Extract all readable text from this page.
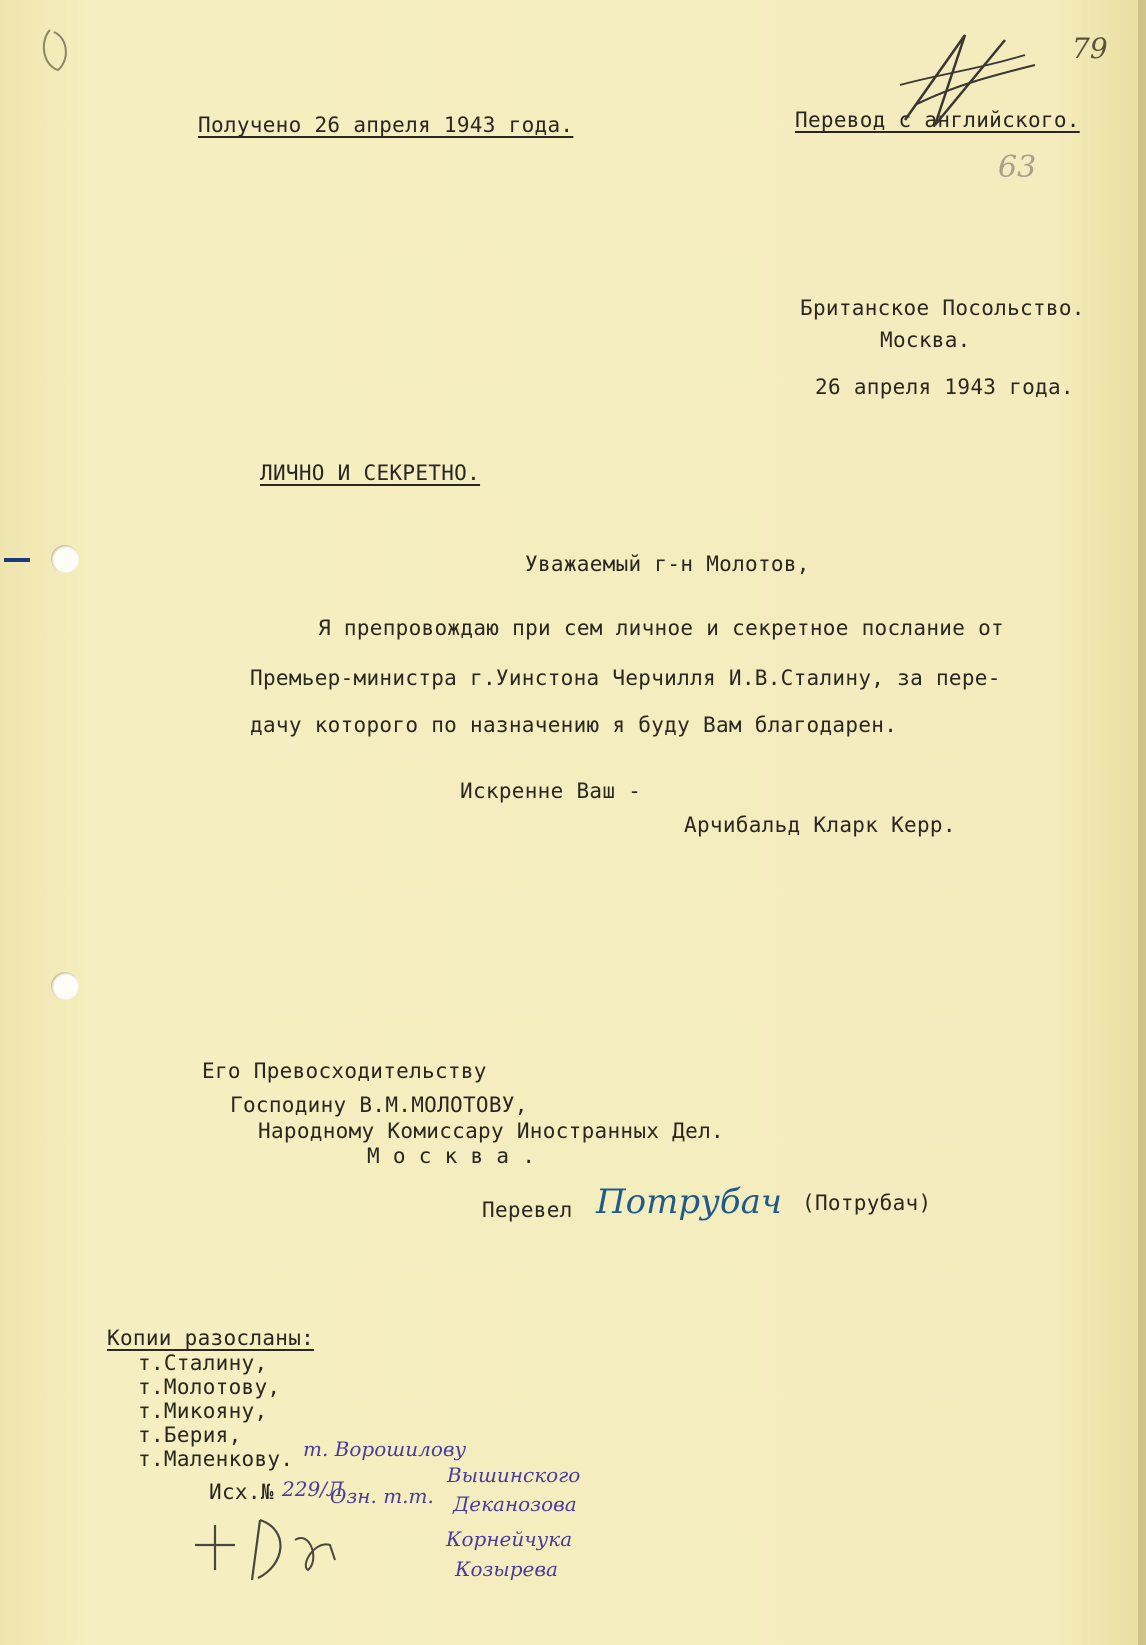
Получено 26 апреля 1943 года.	Перевод с английского.
79
63
Британское Посольство.
Москва.
26 апреля 1943 года.
ЛИЧНО И СЕКРЕТНО.
Уважаемый г-н Молотов,
Я препровождаю при сем личное и секретное послание от
Премьер-министра г.Уинстона Черчилля И.В.Сталину, за пере-
дачу которого по назначению я буду Вам благодарен.
Искренне Ваш -
Арчибальд Кларк Керр.
Его Превосходительству
Господину В.М.МОЛОТОВУ,
Народному Комиссару Иностранных Дел.
М о с к в а .
Перевел Потрубач (Потрубач)
Копии разосланы:
т.Сталину,
т.Молотову,
т.Микояну,
т.Берия,
т.Маленкову. т. Ворошилову
Исх.№ 229/Л
Озн. т.т.
Вышинского
Деканозова
Корнейчука
Козырева
